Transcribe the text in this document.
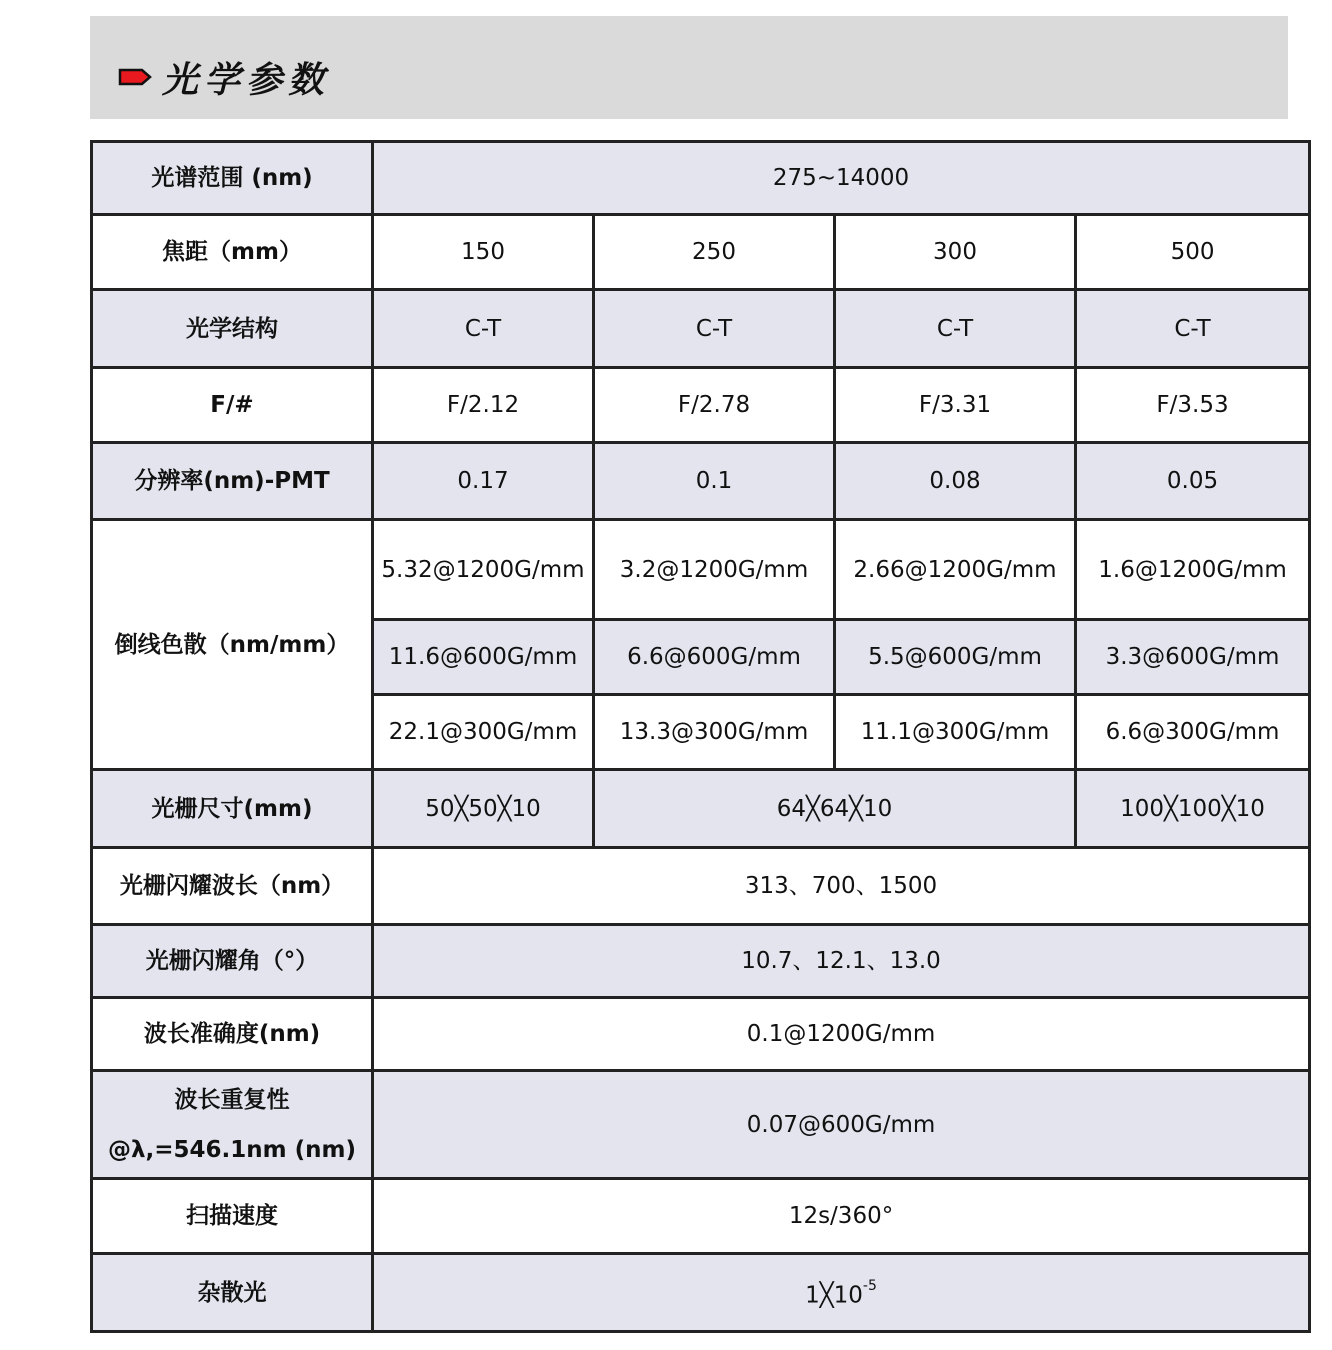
光学参数
光谱范围 (nm)	275~14000			
焦距（mm）	150	250	300	500
光学结构	C-T	C-T	C-T	C-T
F/#	F/2.12	F/2.78	F/3.31	F/3.53
分辨率(nm)-PMT	0.17	0.1	0.08	0.05
倒线色散（nm/mm）	5.32@1200G/mm	3.2@1200G/mm	2.66@1200G/mm	1.6@1200G/mm
	11.6@600G/mm	6.6@600G/mm	5.5@600G/mm	3.3@600G/mm
	22.1@300G/mm	13.3@300G/mm	11.1@300G/mm	6.6@300G/mm
光栅尺寸(mm)	50╳50╳10	64╳64╳10		100╳100╳10
光栅闪耀波长（nm）	313、700、1500			
光栅闪耀角（°）	10.7、12.1、13.0			
波长准确度(nm)	0.1@1200G/mm			

波长重复性
@λ,=546.1nm (nm)	0.07@600G/mm			
扫描速度	12s/360°			
杂散光	$1╳10^{-5}$
